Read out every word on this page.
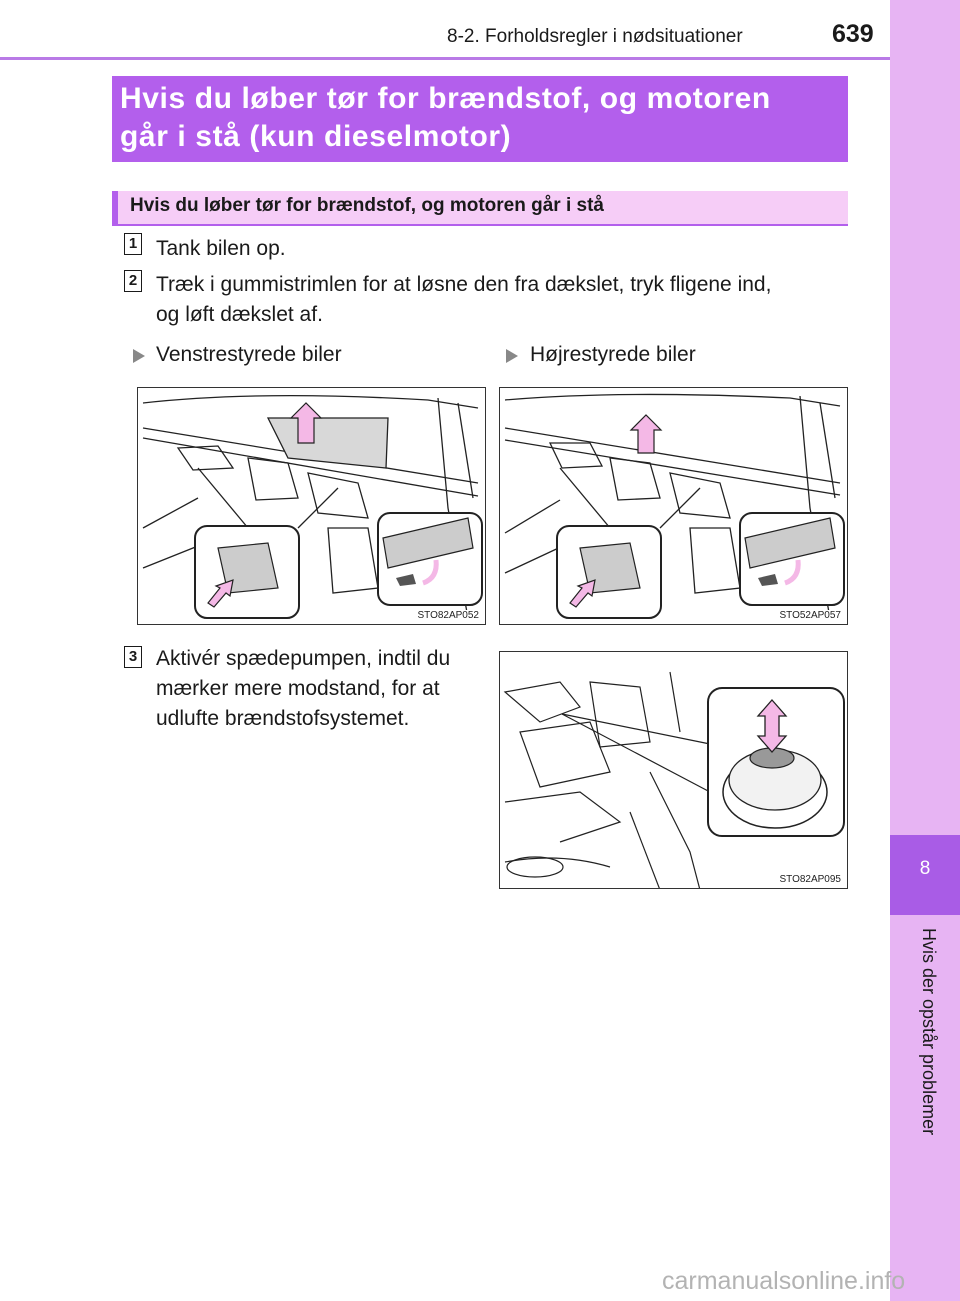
8-2. Forholdsregler i nødsituationer	639
8
Hvis der opstår problemer
Hvis du løber tør for brændstof, og motoren
går i stå (kun dieselmotor)
Hvis du løber tør for brændstof, og motoren går i stå
1 Tank bilen op.
2 Træk i gummistrimlen for at løsne den fra dækslet, tryk fligene ind,
og løft dækslet af.
Venstrestyrede biler	Højrestyrede biler
STO82AP052	STO52AP057
3 Aktivér spædepumpen, indtil du
mærker mere modstand, for at
udlufte brændstofsystemet.
STO82AP095
carmanualsonline.info
